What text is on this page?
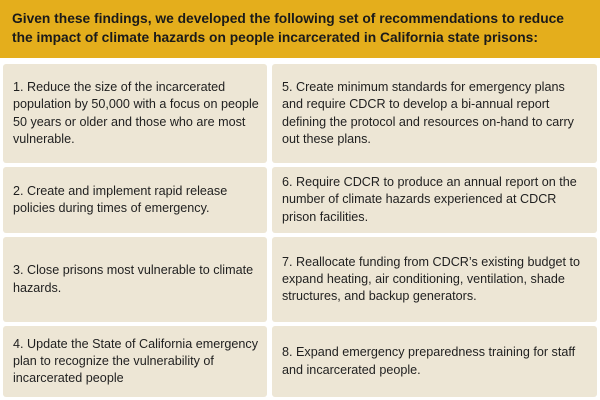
Given these findings, we developed the following set of recommendations to reduce the impact of climate hazards on people incarcerated in California state prisons:

1. Reduce the size of the incarcerated population by 50,000 with a focus on people 50 years or older and those who are most vulnerable.

2. Create and implement rapid release policies during times of emergency.

3. Close prisons most vulnerable to climate hazards.

4. Update the State of California emergency plan to recognize the vulnerability of incarcerated people

5. Create minimum standards for emergency plans and require CDCR to develop a bi-annual report defining the protocol and resources on-hand to carry out these plans.

6. Require CDCR to produce an annual report on the number of climate hazards experienced at CDCR prison facilities.

7. Reallocate funding from CDCR’s existing budget to expand heating, air conditioning, ventilation, shade structures, and backup generators.

8. Expand emergency preparedness training for staff and incarcerated people.
